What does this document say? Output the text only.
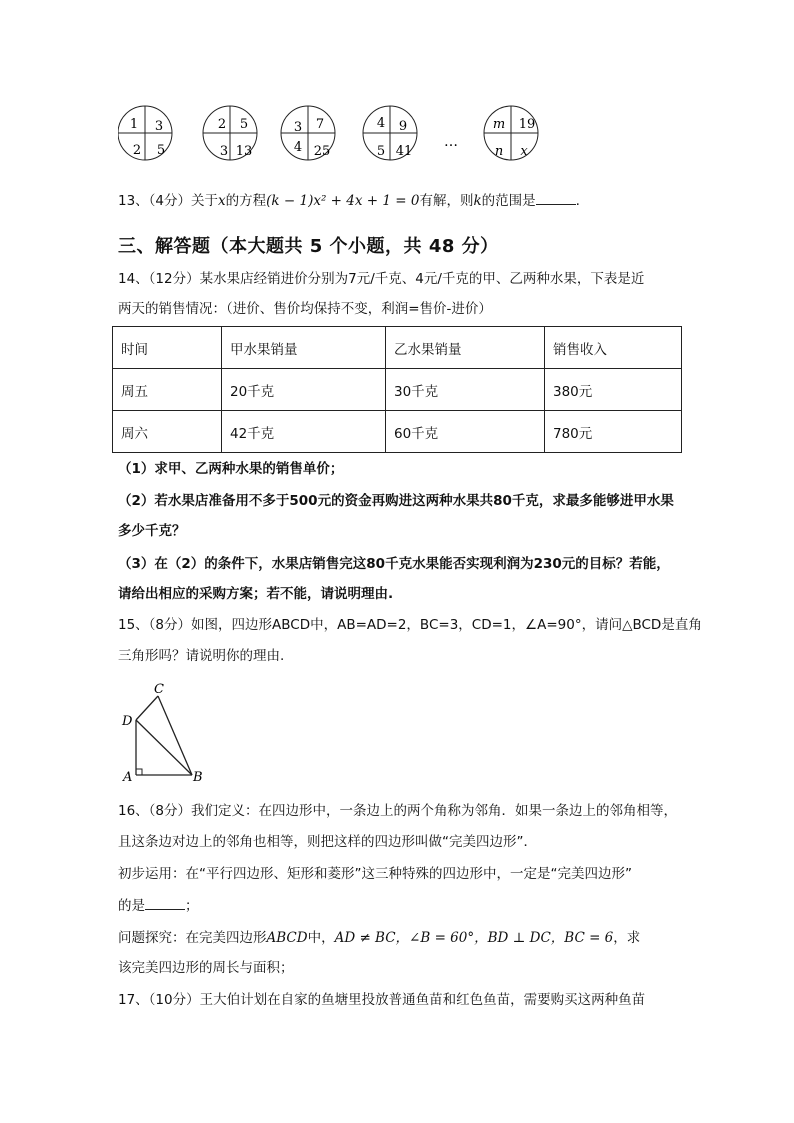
1 3
2 5
2 5
3 13
3 7
4 25
4 9
5 41
…
m 19
n x
13、（4分）关于x的方程(k − 1)x² + 4x + 1 = 0有解，则k的范围是	.
三、解答题（本大题共 5 个小题，共 48 分）
14、（12分）某水果店经销进价分别为7元/千克、4元/千克的甲、乙两种水果，下表是近
两天的销售情况：（进价、售价均保持不变，利润=售价-进价）
时间	甲水果销量	乙水果销量	销售收入
周五	20千克	30千克	380元
周六	42千克	60千克	780元
（1）求甲、乙两种水果的销售单价；
（2）若水果店准备用不多于500元的资金再购进这两种水果共80千克，求最多能够进甲水果
多少千克？
（3）在（2）的条件下，水果店销售完这80千克水果能否实现利润为230元的目标？若能，
请给出相应的采购方案；若不能，请说明理由.
15、（8分）如图，四边形ABCD中，AB=AD=2，BC=3，CD=1，∠A=90°，请问△BCD是直角
三角形吗？请说明你的理由.
C
D
A	B
16、（8分）我们定义：在四边形中，一条边上的两个角称为邻角．如果一条边上的邻角相等，
且这条边对边上的邻角也相等，则把这样的四边形叫做“完美四边形”．
初步运用：在“平行四边形、矩形和菱形”这三种特殊的四边形中，一定是“完美四边形”
的是	；
问题探究：在完美四边形ABCD中，AD ≠ BC，∠B = 60°，BD ⊥ DC，BC = 6，求
该完美四边形的周长与面积；
17、（10分）王大伯计划在自家的鱼塘里投放普通鱼苗和红色鱼苗，需要购买这两种鱼苗
